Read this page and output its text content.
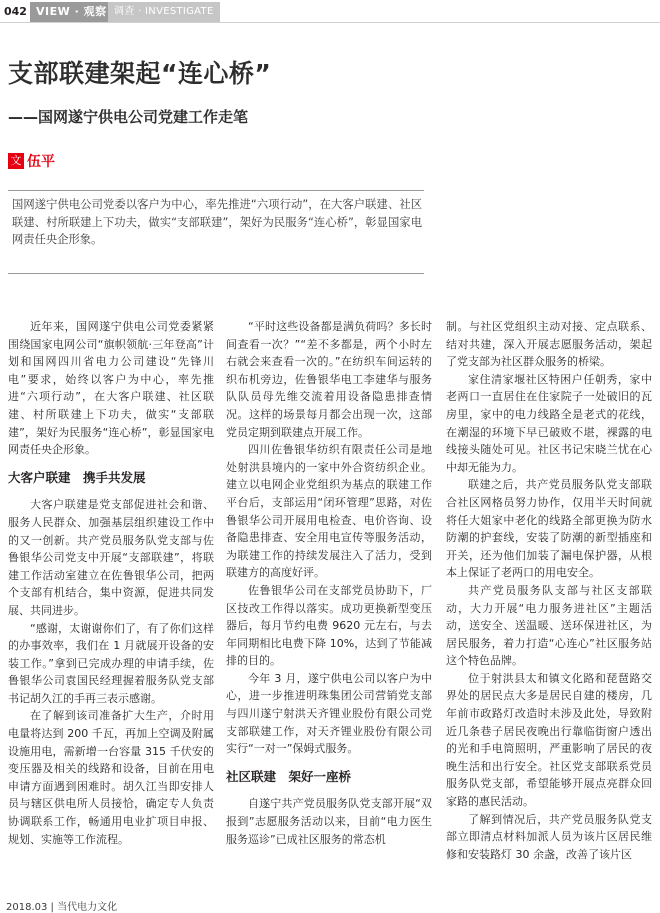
042 VIEW · 观察 调查 · INVESTIGATE
支部联建架起“连心桥”
——国网遂宁供电公司党建工作走笔
文 伍平
国网遂宁供电公司党委以客户为中心，率先推进“六项行动”，在大客户联建、社区联建、村所联建上下功夫，做实“支部联建”，架好为民服务“连心桥”，彰显国家电网责任央企形象。

近年来，国网遂宁供电公司党委紧紧围绕国家电网公司“旗帜领航·三年登高”计划和国网四川省电力公司建设“先锋川电”要求，始终以客户为中心，率先推进“六项行动”，在大客户联建、社区联建、村所联建上下功夫，做实“支部联建”，架好为民服务“连心桥”，彰显国家电网责任央企形象。

大客户联建　携手共发展

大客户联建是党支部促进社会和谐、服务人民群众、加强基层组织建设工作中的又一创新。共产党员服务队党支部与佐鲁银华公司党支中开展“支部联建”，将联建工作活动室建立在佐鲁银华公司，把两个支部有机结合，集中资源，促进共同发展、共同进步。

“感谢，太谢谢你们了，有了你们这样的办事效率，我们在 1 月就展开设备的安装工作。”拿到已完成办理的申请手续，佐鲁银华公司袁国民经理握着服务队党支部书记胡久江的手再三表示感谢。

在了解到该司准备扩大生产，介时用电量将达到 200 千瓦，再加上空调及附属设施用电，需新增一台容量 315 千伏安的变压器及相关的线路和设备，目前在用电申请方面遇到困难时。胡久江当即安排人员与辖区供电所人员接恰，确定专人负责协调联系工作，畅通用电业扩项目申报、规划、实施等工作流程。

“平时这些设备都是满负荷吗？多长时间查看一次？”“差不多都是，两个小时左右就会来查看一次的。”在纺织车间运转的织布机旁边，佐鲁银华电工李建华与服务队队员母先维交流着用设备隐患排查情况。这样的场景每月都会出现一次，这部党员定期到联建点开展工作。

四川佐鲁银华纺织有限责任公司是地处射洪县境内的一家中外合资纺织企业。建立以电网企业党组织为基点的联建工作平台后，支部运用“闭环管理”思路，对佐鲁银华公司开展用电检查、电价咨询、设备隐患排查、安全用电宣传等服务活动，为联建工作的持续发展注入了活力，受到联建方的高度好评。

佐鲁银华公司在支部党员协助下，厂区技改工作得以落实。成功更换新型变压器后，每月节约电费 9620 元左右，与去年同期相比电费下降 10%，达到了节能减排的目的。

今年 3 月，遂宁供电公司以客户为中心，进一步推进明珠集团公司营销党支部与四川遂宁射洪天齐锂业股份有限公司党支部联建工作，对天齐锂业股份有限公司实行“一对一”保姆式服务。

社区联建　架好一座桥

自遂宁共产党员服务队党支部开展“双报到”志愿服务活动以来，目前“电力医生服务巡诊”已成社区服务的常态机

制。与社区党组织主动对接、定点联系、结对共建，深入开展志愿服务活动，架起了党支部为社区群众服务的桥梁。

家住清家堰社区特困户任朝秀，家中老两口一直居住在住家院子一处破旧的瓦房里，家中的电力线路全是老式的花线，在潮湿的环境下早已破败不堪，裸露的电线接头随处可见。社区书记宋晓兰忧在心中却无能为力。

联建之后，共产党员服务队党支部联合社区网格员努力协作，仅用半天时间就将任大姐家中老化的线路全部更换为防水防潮的护套线，安装了防潮的新型插座和开关，还为他们加装了漏电保护器，从根本上保证了老两口的用电安全。

共产党员服务队支部与社区支部联动，大力开展“电力服务进社区”主题活动，送安全、送温暖、送环保进社区，为居民服务，着力打造“心连心”社区服务站这个特色品牌。

位于射洪县太和镇文化路和琵琶路交界处的居民点大多是居民自建的楼房，几年前市政路灯改造时未涉及此处，导致附近几条巷子居民夜晚出行靠临街窗户透出的光和手电筒照明，严重影响了居民的夜晚生活和出行安全。社区党支部联系党员服务队党支部，希望能够开展点亮群众回家路的惠民活动。

了解到情况后，共产党员服务队党支部立即清点材料加派人员为该片区居民维修和安装路灯 30 余盏，改善了该片区

2018.03 | 当代电力文化
